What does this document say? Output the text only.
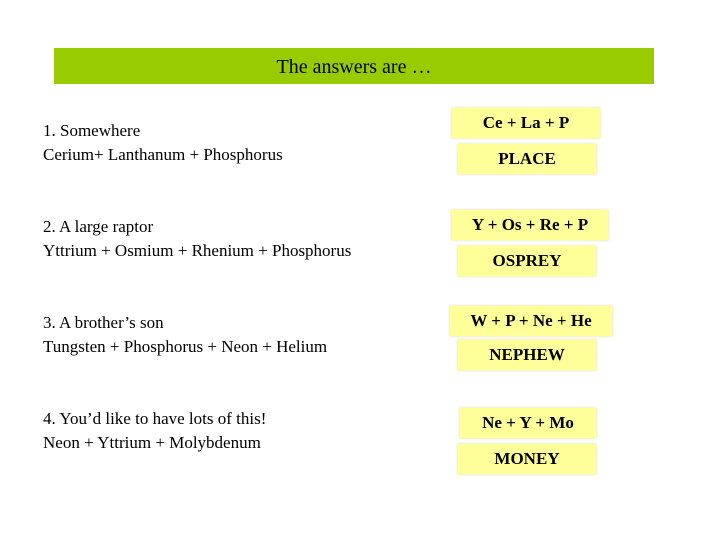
The answers are …
1. Somewhere
Cerium+ Lanthanum + Phosphorus
Ce + La + P
PLACE
2. A large raptor
Yttrium + Osmium + Rhenium + Phosphorus
Y + Os + Re + P
OSPREY
3. A brother’s son
Tungsten + Phosphorus + Neon + Helium
W + P + Ne + He
NEPHEW
4. You’d like to have lots of this!
Neon + Yttrium + Molybdenum
Ne + Y + Mo
MONEY
